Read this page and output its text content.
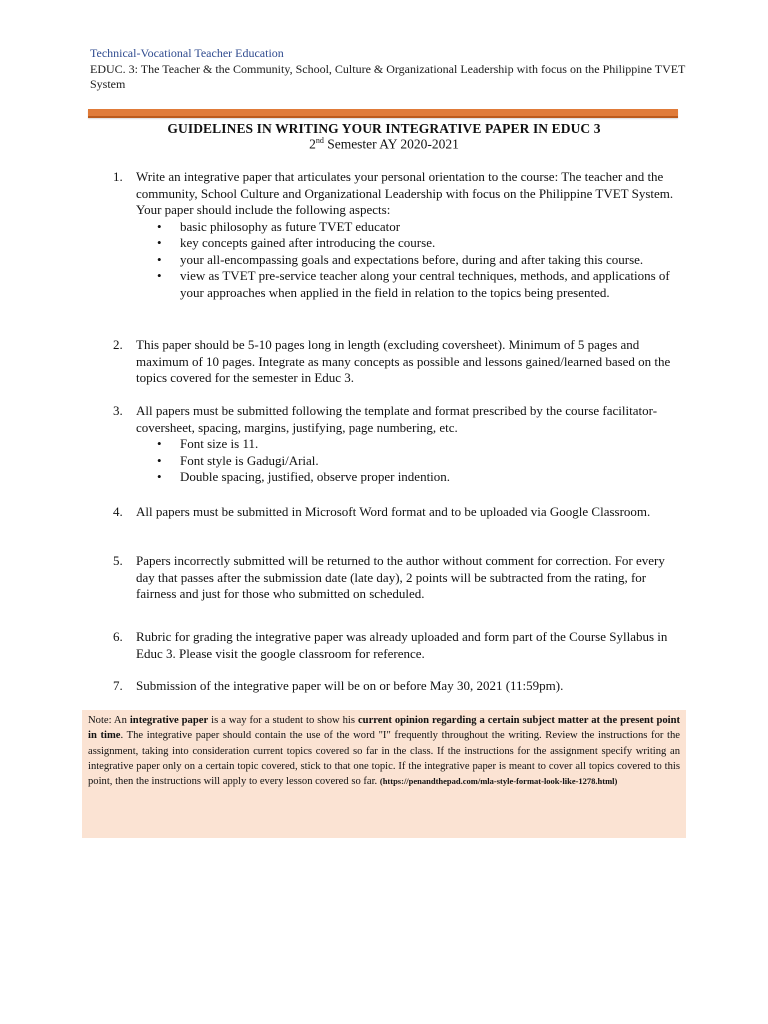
Technical-Vocational Teacher Education
EDUC. 3: The Teacher & the Community, School, Culture & Organizational Leadership with focus on the Philippine TVET System
GUIDELINES IN WRITING YOUR INTEGRATIVE PAPER IN EDUC 3
2nd Semester AY 2020-2021
1. Write an integrative paper that articulates your personal orientation to the course: The teacher and the community, School Culture and Organizational Leadership with focus on the Philippine TVET System. Your paper should include the following aspects:
• basic philosophy as future TVET educator
• key concepts gained after introducing the course.
• your all-encompassing goals and expectations before, during and after taking this course.
• view as TVET pre-service teacher along your central techniques, methods, and applications of your approaches when applied in the field in relation to the topics being presented.
2. This paper should be 5-10 pages long in length (excluding coversheet). Minimum of 5 pages and maximum of 10 pages. Integrate as many concepts as possible and lessons gained/learned based on the topics covered for the semester in Educ 3.
3. All papers must be submitted following the template and format prescribed by the course facilitator- coversheet, spacing, margins, justifying, page numbering, etc.
• Font size is 11.
• Font style is Gadugi/Arial.
• Double spacing, justified, observe proper indention.
4. All papers must be submitted in Microsoft Word format and to be uploaded via Google Classroom.
5. Papers incorrectly submitted will be returned to the author without comment for correction. For every day that passes after the submission date (late day), 2 points will be subtracted from the rating, for fairness and just for those who submitted on scheduled.
6. Rubric for grading the integrative paper was already uploaded and form part of the Course Syllabus in Educ 3. Please visit the google classroom for reference.
7. Submission of the integrative paper will be on or before May 30, 2021 (11:59pm).
Note: An integrative paper is a way for a student to show his current opinion regarding a certain subject matter at the present point in time. The integrative paper should contain the use of the word "I" frequently throughout the writing. Review the instructions for the assignment, taking into consideration current topics covered so far in the class. If the instructions for the assignment specify writing an integrative paper only on a certain topic covered, stick to that one topic. If the integrative paper is meant to cover all topics covered to this point, then the instructions will apply to every lesson covered so far. (https://penandthepad.com/mla-style-format-look-like-1278.html)
